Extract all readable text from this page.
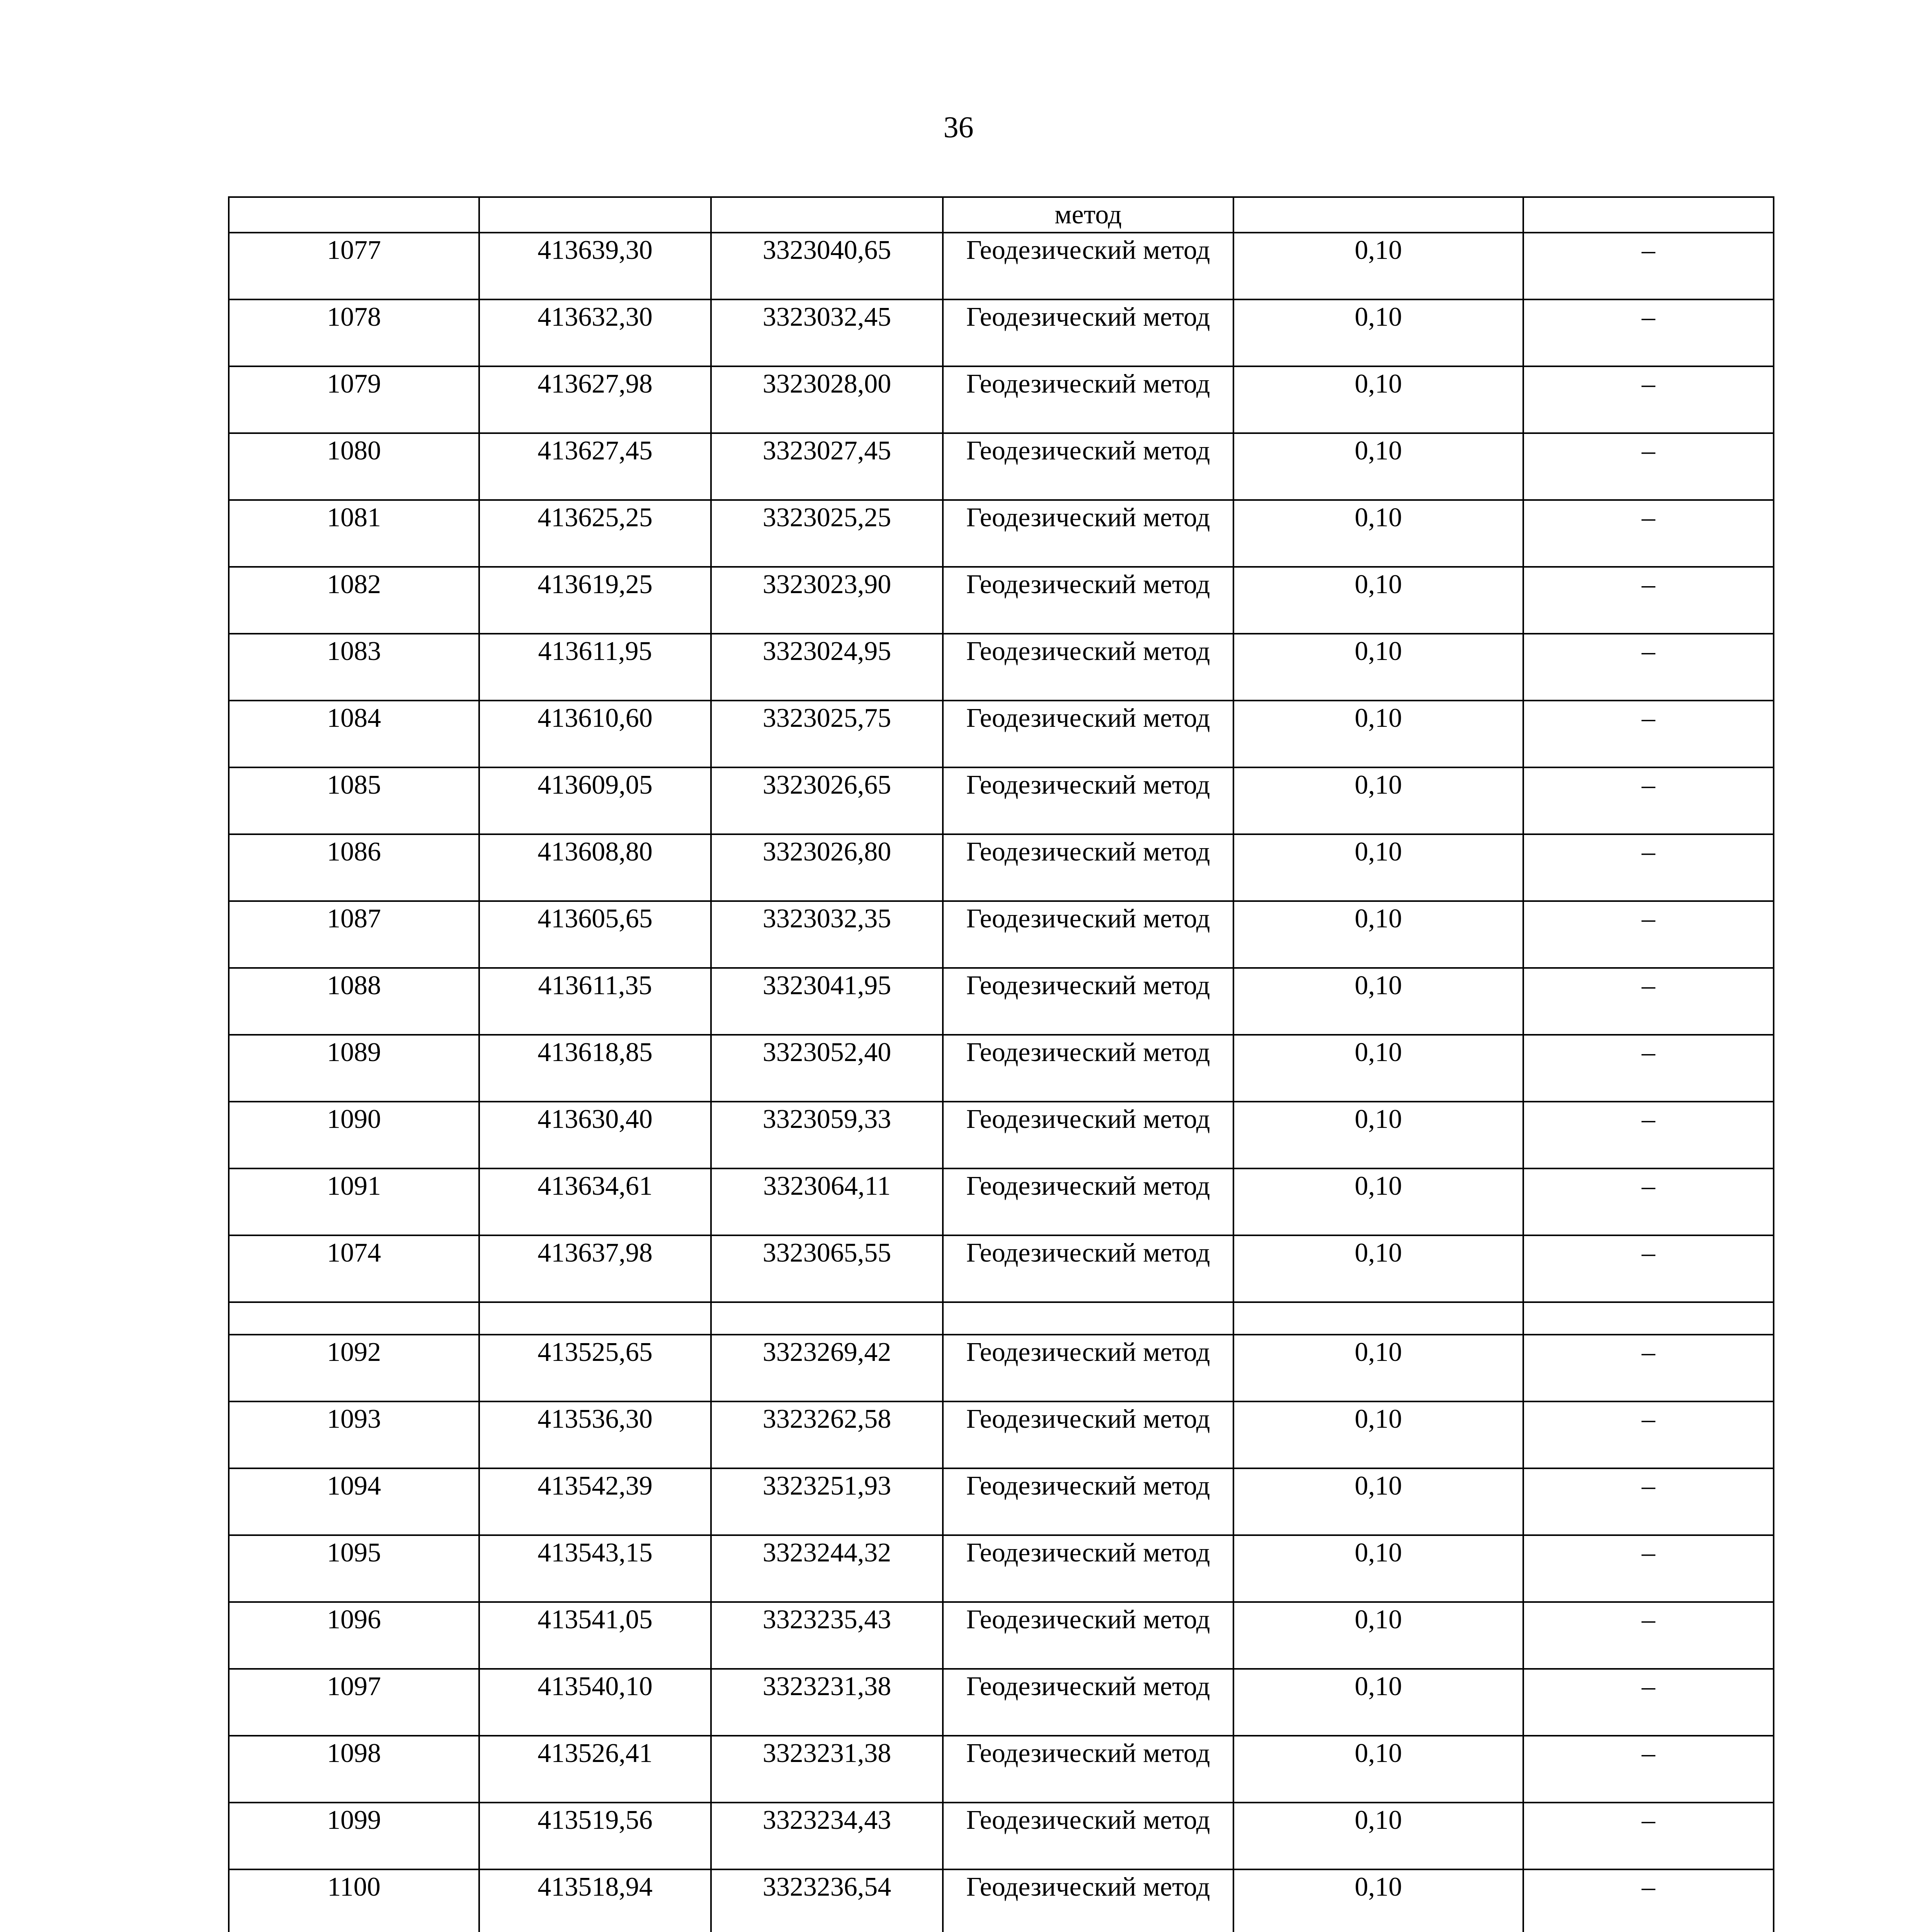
36

			метод		

1077	413639,30	3323040,65	Геодезический метод	0,10	–

1078	413632,30	3323032,45	Геодезический метод	0,10	–

1079	413627,98	3323028,00	Геодезический метод	0,10	–

1080	413627,45	3323027,45	Геодезический метод	0,10	–

1081	413625,25	3323025,25	Геодезический метод	0,10	–

1082	413619,25	3323023,90	Геодезический метод	0,10	–

1083	413611,95	3323024,95	Геодезический метод	0,10	–

1084	413610,60	3323025,75	Геодезический метод	0,10	–

1085	413609,05	3323026,65	Геодезический метод	0,10	–

1086	413608,80	3323026,80	Геодезический метод	0,10	–

1087	413605,65	3323032,35	Геодезический метод	0,10	–

1088	413611,35	3323041,95	Геодезический метод	0,10	–

1089	413618,85	3323052,40	Геодезический метод	0,10	–

1090	413630,40	3323059,33	Геодезический метод	0,10	–

1091	413634,61	3323064,11	Геодезический метод	0,10	–

1074	413637,98	3323065,55	Геодезический метод	0,10	–

1092	413525,65	3323269,42	Геодезический метод	0,10	–

1093	413536,30	3323262,58	Геодезический метод	0,10	–

1094	413542,39	3323251,93	Геодезический метод	0,10	–

1095	413543,15	3323244,32	Геодезический метод	0,10	–

1096	413541,05	3323235,43	Геодезический метод	0,10	–

1097	413540,10	3323231,38	Геодезический метод	0,10	–

1098	413526,41	3323231,38	Геодезический метод	0,10	–

1099	413519,56	3323234,43	Геодезический метод	0,10	–

1100	413518,94	3323236,54	Геодезический метод	0,10	–
